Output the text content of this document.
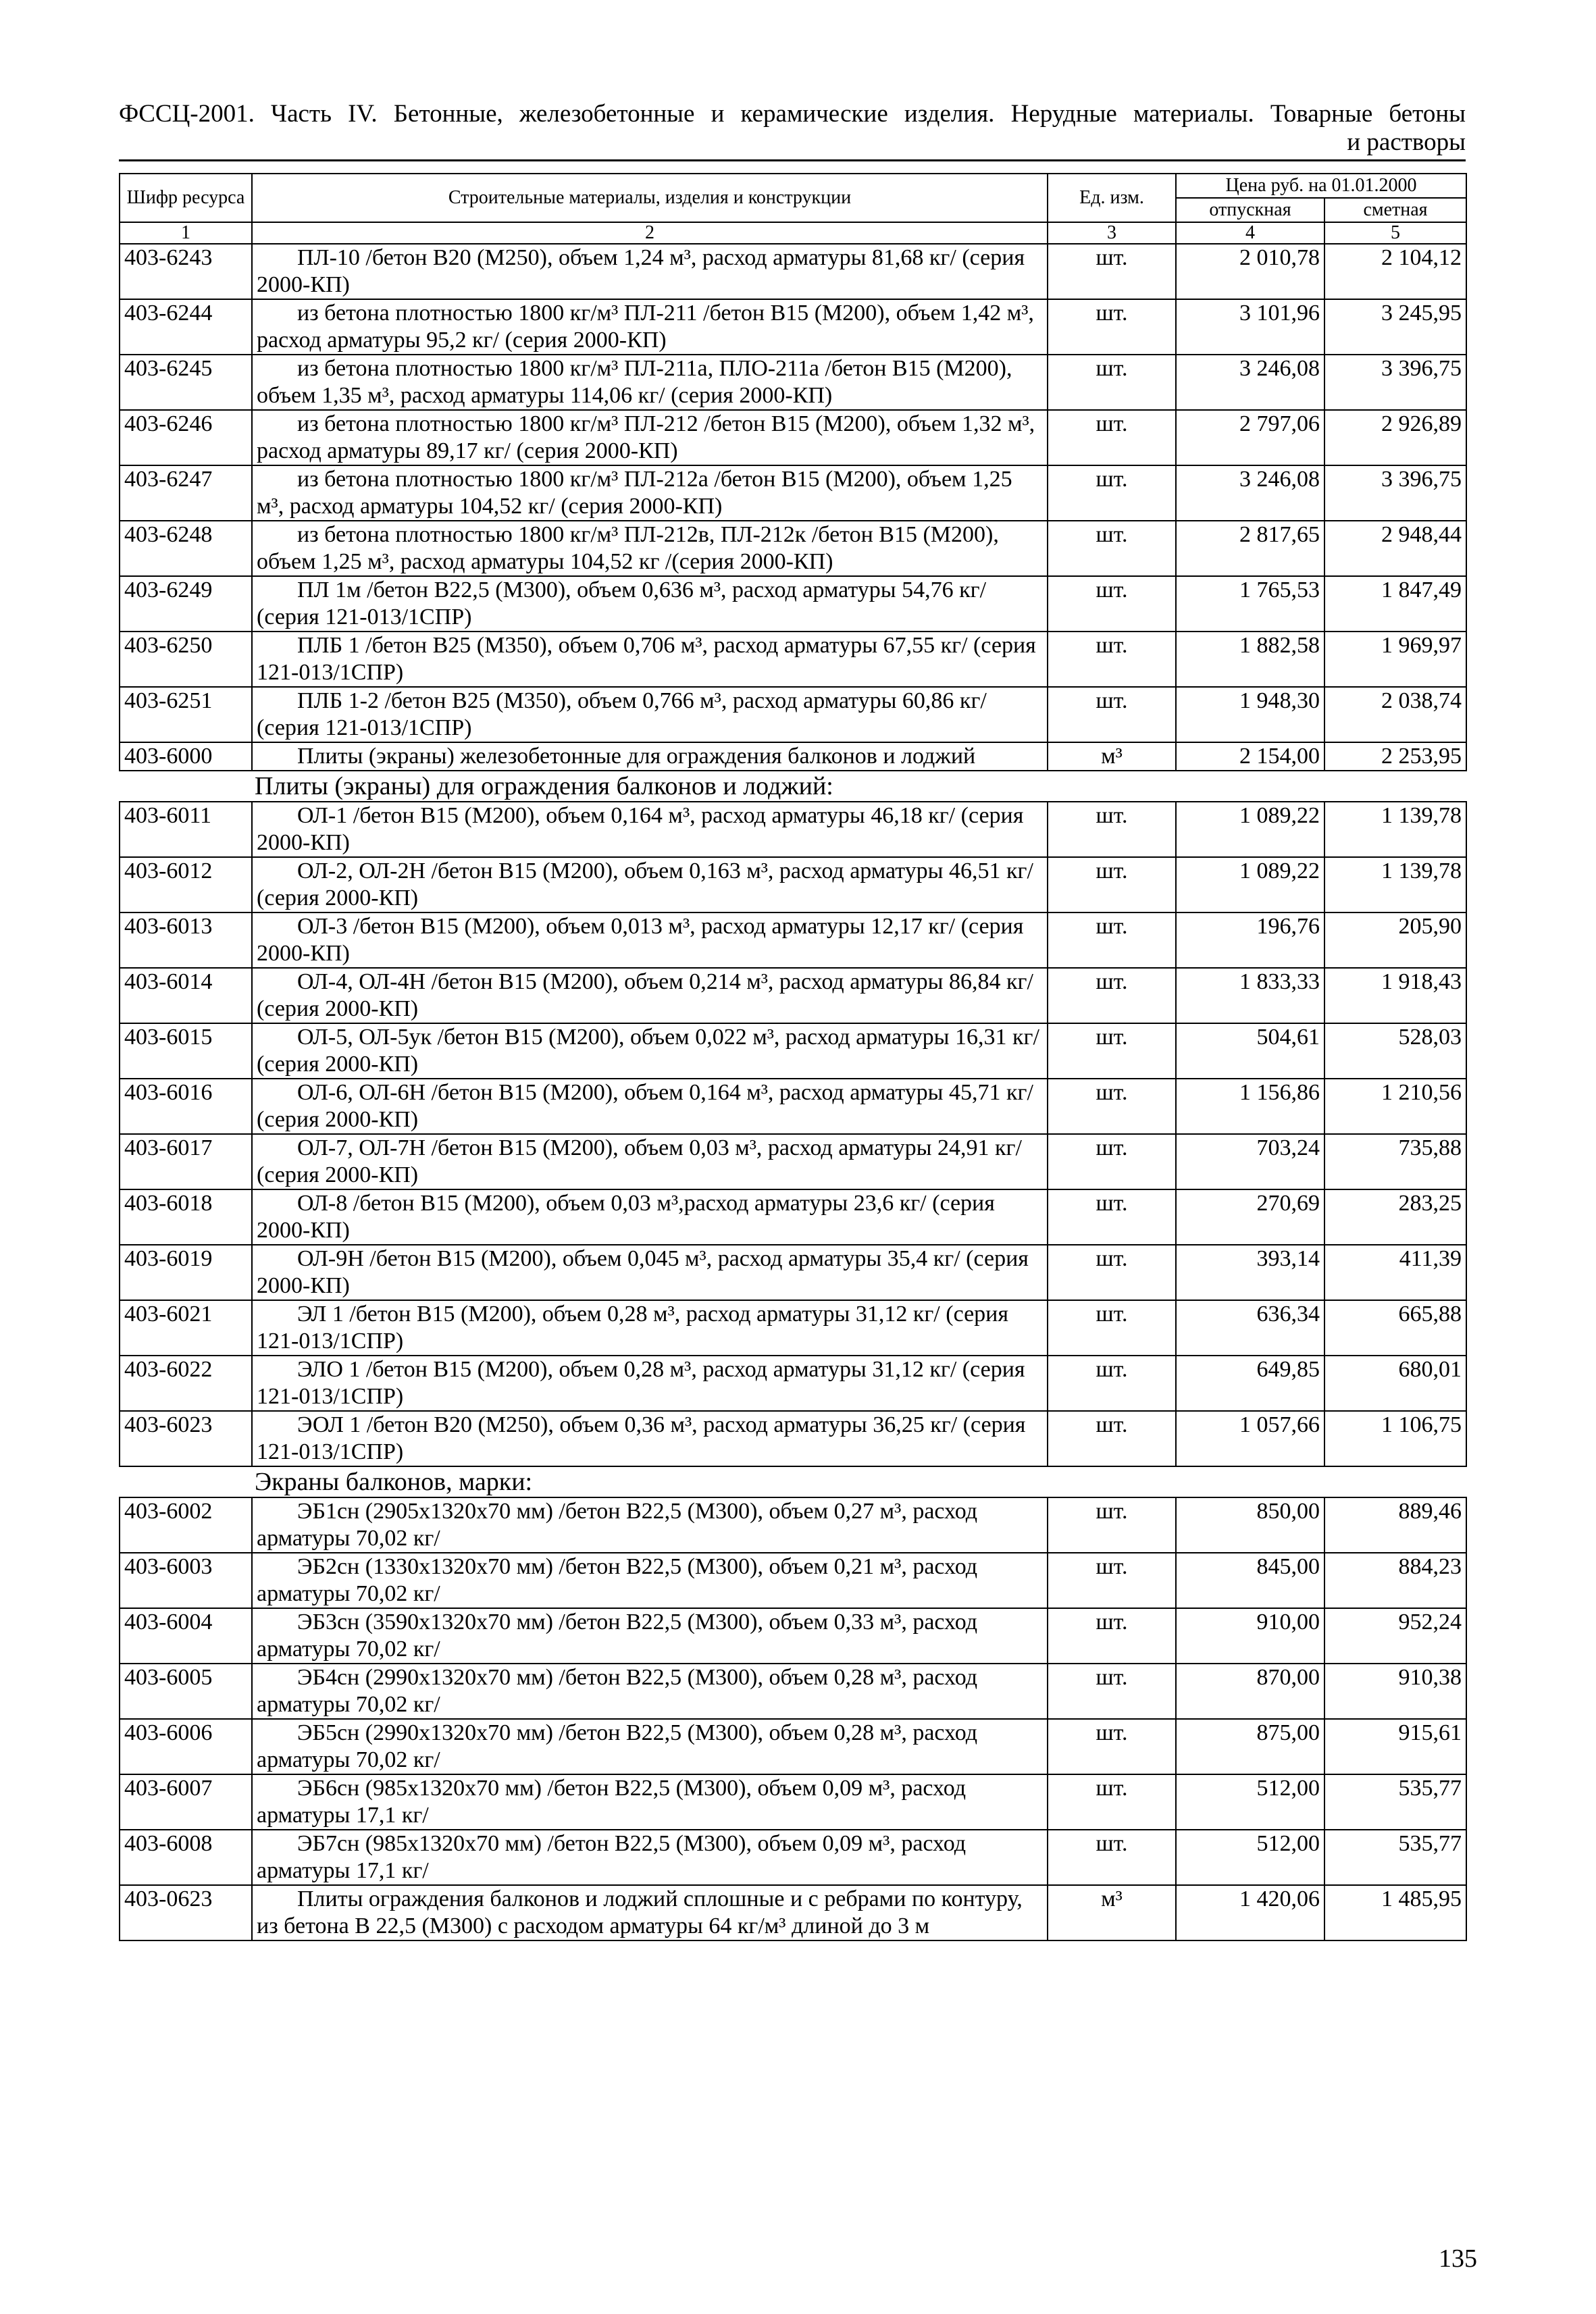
ФССЦ-2001. Часть IV. Бетонные, железобетонные и керамические изделия. Нерудные материалы. Товарные бетоны
и растворы
Шифр ресурса	Строительные материалы, изделия и конструкции	Ед. изм.	Цена руб. на 01.01.2000	
			отпускная	сметная
1	2	3	4	5
403-6243	ПЛ-10 /бетон В20 (М250), объем 1,24 м³, расход арматуры 81,68 кг/ (серия 2000-КП)	шт.	2 010,78	2 104,12
403-6244	из бетона плотностью 1800 кг/м³ ПЛ-211 /бетон В15 (М200), объем 1,42 м³, расход арматуры 95,2 кг/ (серия 2000-КП)	шт.	3 101,96	3 245,95
403-6245	из бетона плотностью 1800 кг/м³ ПЛ-211а, ПЛО-211а /бетон В15 (М200), объем 1,35 м³, расход арматуры 114,06 кг/ (серия 2000-КП)	шт.	3 246,08	3 396,75
403-6246	из бетона плотностью 1800 кг/м³ ПЛ-212 /бетон В15 (М200), объем 1,32 м³, расход арматуры 89,17 кг/ (серия 2000-КП)	шт.	2 797,06	2 926,89
403-6247	из бетона плотностью 1800 кг/м³ ПЛ-212а /бетон В15 (М200), объем 1,25 м³, расход арматуры 104,52 кг/ (серия 2000-КП)	шт.	3 246,08	3 396,75
403-6248	из бетона плотностью 1800 кг/м³ ПЛ-212в, ПЛ-212к /бетон В15 (М200), объем 1,25 м³, расход арматуры 104,52 кг /(серия 2000-КП)	шт.	2 817,65	2 948,44
403-6249	ПЛ 1м /бетон В22,5 (М300), объем 0,636 м³, расход арматуры 54,76 кг/ (серия 121-013/1СПР)	шт.	1 765,53	1 847,49
403-6250	ПЛБ 1 /бетон В25 (М350), объем 0,706 м³, расход арматуры 67,55 кг/ (серия 121-013/1СПР)	шт.	1 882,58	1 969,97
403-6251	ПЛБ 1-2 /бетон В25 (М350), объем 0,766 м³, расход арматуры 60,86 кг/ (серия 121-013/1СПР)	шт.	1 948,30	2 038,74
403-6000	Плиты (экраны) железобетонные для ограждения балконов и лоджий	м³	2 154,00	2 253,95
Плиты (экраны) для ограждения балконов и лоджий:				
403-6011	ОЛ-1 /бетон В15 (М200), объем 0,164 м³, расход арматуры 46,18 кг/ (серия 2000-КП)	шт.	1 089,22	1 139,78
403-6012	ОЛ-2, ОЛ-2Н /бетон В15 (М200), объем 0,163 м³, расход арматуры 46,51 кг/ (серия 2000-КП)	шт.	1 089,22	1 139,78
403-6013	ОЛ-3 /бетон В15 (М200), объем 0,013 м³, расход арматуры 12,17 кг/ (серия 2000-КП)	шт.	196,76	205,90
403-6014	ОЛ-4, ОЛ-4Н /бетон В15 (М200), объем 0,214 м³, расход арматуры 86,84 кг/ (серия 2000-КП)	шт.	1 833,33	1 918,43
403-6015	ОЛ-5, ОЛ-5ук /бетон В15 (М200), объем 0,022 м³, расход арматуры 16,31 кг/ (серия 2000-КП)	шт.	504,61	528,03
403-6016	ОЛ-6, ОЛ-6Н /бетон В15 (М200), объем 0,164 м³, расход арматуры 45,71 кг/ (серия 2000-КП)	шт.	1 156,86	1 210,56
403-6017	ОЛ-7, ОЛ-7Н /бетон В15 (М200), объем 0,03 м³, расход арматуры 24,91 кг/ (серия 2000-КП)	шт.	703,24	735,88
403-6018	ОЛ-8 /бетон В15 (М200), объем 0,03 м³,расход арматуры 23,6 кг/ (серия 2000-КП)	шт.	270,69	283,25
403-6019	ОЛ-9Н /бетон В15 (М200), объем 0,045 м³, расход арматуры 35,4 кг/ (серия 2000-КП)	шт.	393,14	411,39
403-6021	ЭЛ 1 /бетон В15 (М200), объем 0,28 м³, расход арматуры 31,12 кг/ (серия 121-013/1СПР)	шт.	636,34	665,88
403-6022	ЭЛО 1 /бетон В15 (М200), объем 0,28 м³, расход арматуры 31,12 кг/ (серия 121-013/1СПР)	шт.	649,85	680,01
403-6023	ЭОЛ 1 /бетон В20 (М250), объем 0,36 м³, расход арматуры 36,25 кг/ (серия 121-013/1СПР)	шт.	1 057,66	1 106,75
Экраны балконов, марки:				
403-6002	ЭБ1сн (2905х1320х70 мм) /бетон В22,5 (М300), объем 0,27 м³, расход арматуры 70,02 кг/	шт.	850,00	889,46
403-6003	ЭБ2сн (1330х1320х70 мм) /бетон В22,5 (М300), объем 0,21 м³, расход арматуры 70,02 кг/	шт.	845,00	884,23
403-6004	ЭБ3сн (3590х1320х70 мм) /бетон В22,5 (М300), объем 0,33 м³, расход арматуры 70,02 кг/	шт.	910,00	952,24
403-6005	ЭБ4сн (2990х1320х70 мм) /бетон В22,5 (М300), объем 0,28 м³, расход арматуры 70,02 кг/	шт.	870,00	910,38
403-6006	ЭБ5сн (2990х1320х70 мм) /бетон В22,5 (М300), объем 0,28 м³, расход арматуры 70,02 кг/	шт.	875,00	915,61
403-6007	ЭБ6сн (985х1320х70 мм) /бетон В22,5 (М300), объем 0,09 м³, расход арматуры 17,1 кг/	шт.	512,00	535,77
403-6008	ЭБ7сн (985х1320х70 мм) /бетон В22,5 (М300), объем 0,09 м³, расход арматуры 17,1 кг/	шт.	512,00	535,77
403-0623	Плиты ограждения балконов и лоджий сплошные и с ребрами по контуру, из бетона В 22,5 (М300) с расходом арматуры 64 кг/м³ длиной до 3 м	м³	1 420,06	1 485,95
135
